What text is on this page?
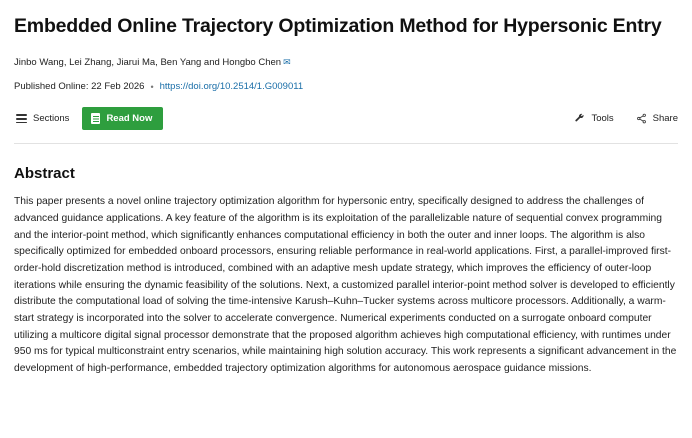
Embedded Online Trajectory Optimization Method for Hypersonic Entry
Jinbo Wang, Lei Zhang, Jiarui Ma, Ben Yang and Hongbo Chen ✉
Published Online: 22 Feb 2026 • https://doi.org/10.2514/1.G009011
Sections	Read Now	Tools	Share
Abstract

This paper presents a novel online trajectory optimization algorithm for hypersonic entry, specifically designed to address the challenges of advanced guidance applications. A key feature of the algorithm is its exploitation of the parallelizable nature of sequential convex programming and the interior-point method, which significantly enhances computational efficiency in both the outer and inner loops. The algorithm is also specifically optimized for embedded onboard processors, ensuring reliable performance in real-world applications. First, a parallel-improved first-order-hold discretization method is introduced, combined with an adaptive mesh update strategy, which improves the efficiency of outer-loop iterations while ensuring the dynamic feasibility of the solutions. Next, a customized parallel interior-point method solver is developed to efficiently distribute the computational load of solving the time-intensive Karush–Kuhn–Tucker systems across multicore processors. Additionally, a warm-start strategy is incorporated into the solver to accelerate convergence. Numerical experiments conducted on a surrogate onboard computer utilizing a multicore digital signal processor demonstrate that the proposed algorithm achieves high computational efficiency, with runtimes under 950 ms for typical multiconstraint entry scenarios, while maintaining high solution accuracy. This work represents a significant advancement in the development of high-performance, embedded trajectory optimization algorithms for autonomous aerospace guidance missions.
